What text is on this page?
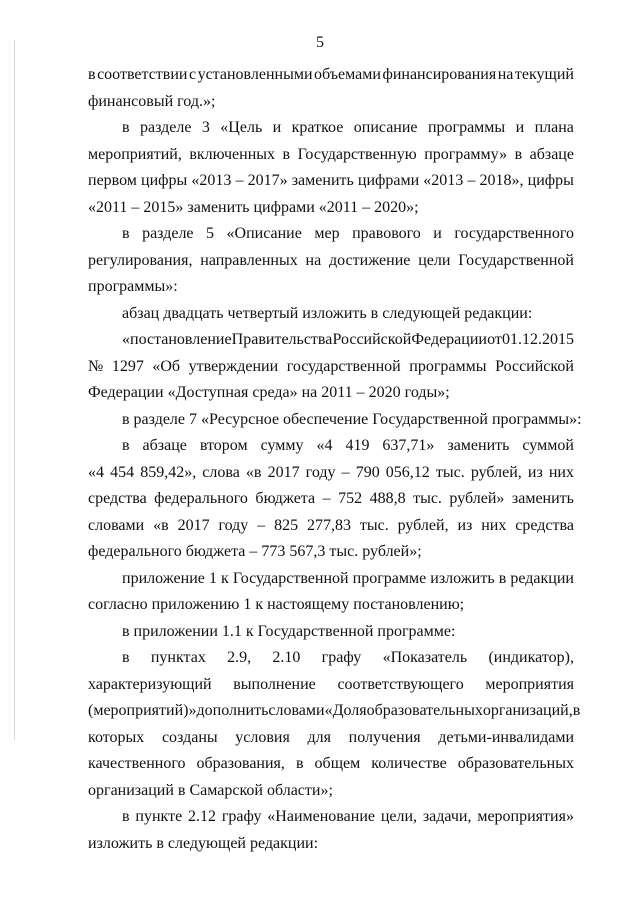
5
в соответствии с установленными объемами финансирования на текущий
финансовый год.»;
в разделе 3 «Цель и краткое описание программы и плана
мероприятий, включенных в Государственную программу» в абзаце
первом цифры «2013 – 2017» заменить цифрами «2013 – 2018», цифры
«2011 – 2015» заменить цифрами «2011 – 2020»;
в разделе 5 «Описание мер правового и государственного
регулирования, направленных на достижение цели Государственной
программы»:
абзац двадцать четвертый изложить в следующей редакции:
«постановление Правительства Российской Федерации от 01.12.2015
№ 1297 «Об утверждении государственной программы Российской
Федерации «Доступная среда» на 2011 – 2020 годы»;
в разделе 7 «Ресурсное обеспечение Государственной программы»:
в абзаце втором сумму «4 419 637,71» заменить суммой
«4 454 859,42», слова «в 2017 году – 790 056,12 тыс. рублей, из них
средства федерального бюджета – 752 488,8 тыс. рублей» заменить
словами «в 2017 году – 825 277,83 тыс. рублей, из них средства
федерального бюджета – 773 567,3 тыс. рублей»;
приложение 1 к Государственной программе изложить в редакции
согласно приложению 1 к настоящему постановлению;
в приложении 1.1 к Государственной программе:
в пунктах 2.9, 2.10 графу «Показатель (индикатор),
характеризующий выполнение соответствующего мероприятия
(мероприятий)» дополнить словами «Доля образовательных организаций, в
которых созданы условия для получения детьми-инвалидами
качественного образования, в общем количестве образовательных
организаций в Самарской области»;
в пункте 2.12 графу «Наименование цели, задачи, мероприятия»
изложить в следующей редакции:
